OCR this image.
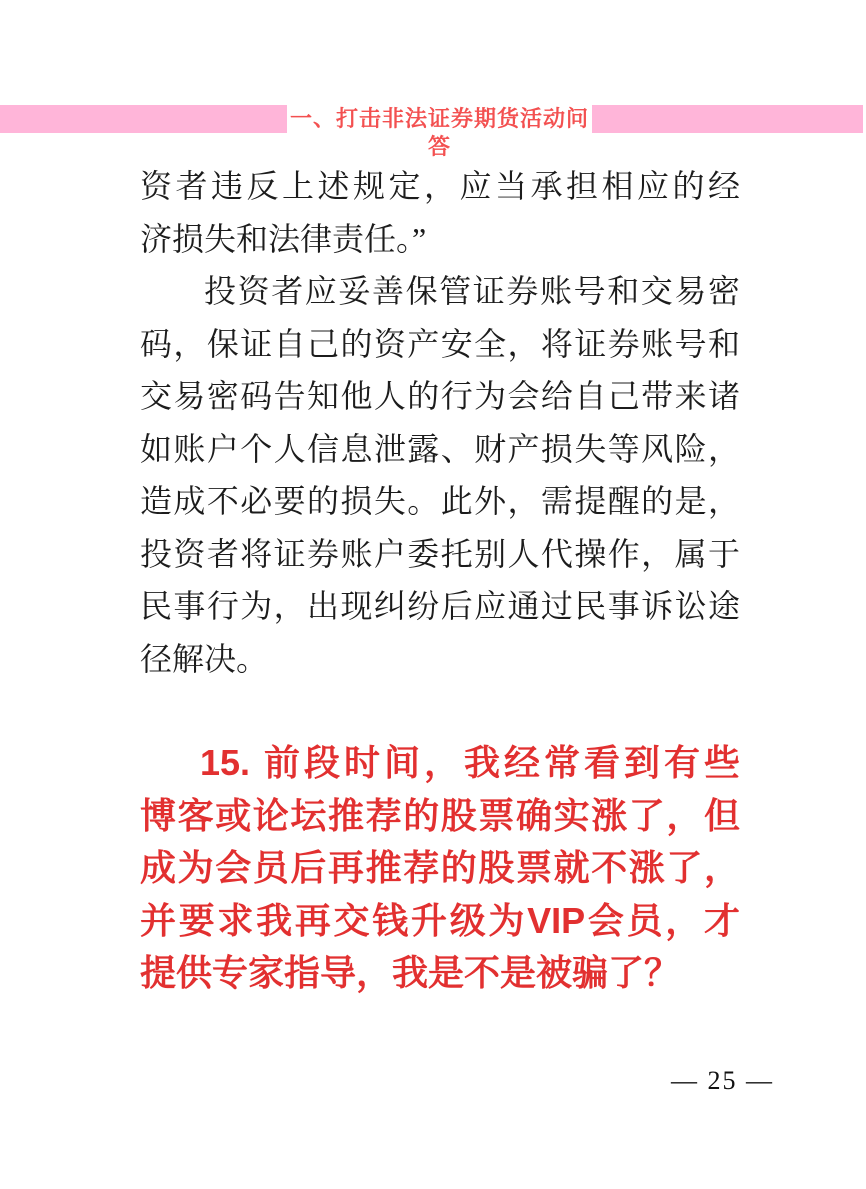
一、打击非法证券期货活动问答
资者违反上述规定，应当承担相应的经
济损失和法律责任。”
投资者应妥善保管证券账号和交易密
码，保证自己的资产安全，将证券账号和
交易密码告知他人的行为会给自己带来诸
如账户个人信息泄露、财产损失等风险，
造成不必要的损失。此外，需提醒的是，
投资者将证券账户委托别人代操作，属于
民事行为，出现纠纷后应通过民事诉讼途
径解决。
15. 前段时间，我经常看到有些
博客或论坛推荐的股票确实涨了，但
成为会员后再推荐的股票就不涨了，
并要求我再交钱升级为VIP会员，才
提供专家指导，我是不是被骗了？
— 25 —
